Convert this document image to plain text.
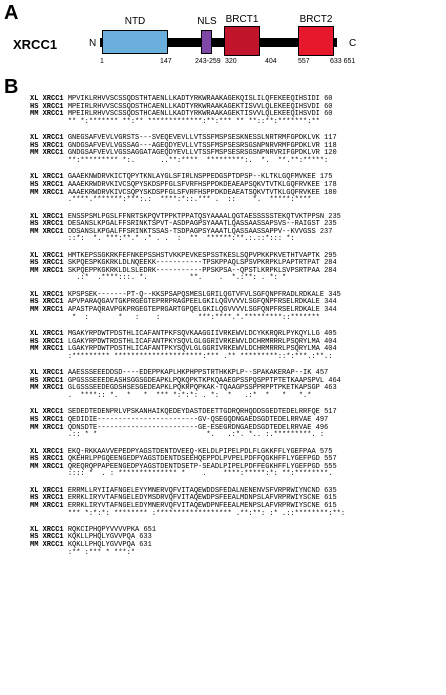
A
XRCC1	N
NTD	NLS BRCT1	BRCT2
C
1	147	243-259 320	404	557	633 651
B
XL XRCC1 MPVIKLRHVVSCSSQDSTHTAENLLKADTYRKWRAAKAGEKQISLILQFEKEEQIHSIDI 60
HS XRCC1 MPEIRLRHVVSCSSQDSTHCAENLLKADTYRKWRAAKAGEKTISVVLQLEKEEQIHSVDI 60
MM XRCC1 MPEIRLRHVVSCSSQDSTHCAENLLKADTYRKWRAAKAGEKTISVVLQLEKEEQIHSVDI 60
** *:******* **:** *************:**:*** ** **::**:*******:**
XL XRCC1 GNEGSAFVEVLVGRSTS---SVEQEVEVLLVTSSFMSPSESKNESSLNRTRMFGPDKLVK 117
HS XRCC1 GNDGSAFVEVLVGSSAG---AGEQDYEVLLVTSSFMSPSESRSGSNPNRVRMFGPDKLVR 118
MM XRCC1 GNDGSAFVEVLVGSSAGGATAGEQDYEVLLVTSSFMSPSESRSGSNPNRVRIFGPDKLVR 120
**:********* *:.      ..**:****  *********:.  *.  **.**:*****:
XL XRCC1 GAAEKNWDRVKICTQPYTKNLAYGLSFIRLNSPPEDGSPTDPSP--KLTKLGQFMVKEE 175
HS XRCC1 AAAEKRWDRVKIVCSQPYSKDSPFGLSFVRFHSPPDKDEAEAPSQKVTVTKLGQFRVKEE 178
MM XRCC1 AAAEKRWDRVKIVCSQPYSKDSPFGLSFVRFHSPPDKDEAEATSQKVTVTKLGQFRVKEE 180
.****.*******:***:.:  ****:*::.*** .  ::    *.  *****:****
XL XRCC1 ENSSPSMLPGSLFFNRTSKPQVTPPKTPPATQSYAAAALQGTAESSSSSTEKQTVKTPPSN 235
HS XRCC1 DESANSLKPGALFFSRINKTSPVT-ASDPAGPSYAAATLQASSAASSAPSVS--RAIGST 235
MM XRCC1 DDSANSLKPGALFFSRINKTSSAS-TSDPAGPSYAAATLQASSAASSAPPV--KVVGSS 237
::*:  *. ***:**.* .* . .  :  **  ******:**.:.::*::: *:
XL XRCC1 HMTKEPSSGKRKFEFNKEPSSHSTVKKPEVKESPSSTKESLSQPVPKKPKVETHTVAPTK 295
HS XRCC1 SKPQESPKGKRKLDLNQEEKK-----------TPSKPPAQLSPSVPKRPKLPAPTRTPAT 284
MM XRCC1 SKPQEPPKGKRKLDLSLEDRK-----------PPSKPSA--QPSTLKRPKLSVPSRTPAA 284
.:*  .****:::. *.          **.    .  *.:**: . *: *
XL XRCC1 KPSPSEK-------PT-Q--KKSPSAPQSMESLGRILQGTVFVLSGFQNPFRADLRDKALE 345
HS XRCC1 APVPARAQGAVTGKPRGEGTEPRRPRAGPEELGKILQGVVVVLSGFQNPFRSELRDKALE 344
MM XRCC1 APASTPAQRAVPGKPRGEGTEPRGARTGPQELGKILQGVVVVLSGFQNPFRSELRDKALE 344
*  :       *   :    :         ***:****.*.*********::*******
XL XRCC1 MGAKYRPDWTPDSTHLICAFANTPKFSQVKAAGGIIVRKEWVLDCYKKRQRLPYKQYLLG 405
HS XRCC1 LGAKYRPDWTRDSTHLICAFANTPKYSQVLGLGGRIVRKEWVLDCHRMRRRLPSQRYLMA 404
MM XRCC1 LGAKYRPDWTPDSTHLICAFANTPKYSQVLGLGGRIVRKEWVLDCHRMRRRLPSQRYLMA 404
:********* *********************:*** .** *********::*:***.:**.:
XL XRCC1 AAESSSEEEDDSD----EDEPPKAPLHKPHPPSTRTHKKPLP--SPAKAKERAP--IK 457
HS XRCC1 GPGSSSEEEDEASHSGGSGDEAPKLPQKQPKTKPKQAAEGPSSPQSPPTPTETKAAPSPVL 464
MM XRCC1 GLGSSSEEDEGDSHSESGEDEAPKLPQKRPQPKAK-TQAAGPSSPPRPPTPKETKAPSGP 463
.  ****:: *.  *   *  *** *:*:*: . *:  *   .:*  *   *   *.*
XL XRCC1 SEDEDTEDENPRLVPSKANHAIKQEDEYDASTDEETTGDRQRHQDDSGEDTEDELRRFQE 517
HS XRCC1 QEDIDIE------------------------GV-QSEGQDNGAEDSGDTEDELRRVAE 497
MM XRCC1 QDNSDTE------------------------GE-ESEGRDNGAEDSGDTEDELRRVAE 496
.:: * *                          *.   .:*. *.. :.*********. :
XL XRCC1 EKQ-RKKAAVVEPEDPYAGSTDENTDVEEQ-KELDLPIPELPDLFLGKKFFLYGEFPAA 575
HS XRCC1 QKEHRLPPGQEENGEDPYAGSTDENTDSEEHQEPPDLPVPELPDFFQGKHFFLYGEFPGD 557
MM XRCC1 QREQRQPPAPEENGEDPYAGSTDENTDSETP-SEADLPIPELPDFFEGKHFFLYGEFPGD 555
:::: *  . : ************** *    .    ****:*****:*: **:********.
XL XRCC1 ERRMLLRYIIAFNGELEYYMNERVQFVITAQEWDDSFEDALNENENVSFVRPRWIYNCND 635
HS XRCC1 ERRKLIRYVTAFNGELEDYMSDRVQFVITAQEWDPSFEEALMDNPSLAFVRPRWIYSCNE 615
MM XRCC1 ERRKLIRYVTAFNGELEDYMNERVQFVITAQEWDPNFEEALMENPSLAFVRPRWIYSCNE 615
*** *:*:*: ******** :****************** .**:**: :* .::********:**:
XL XRCC1 RQKCIPHQPYVVVVPKA 651
HS XRCC1 KQKLLPHQLYGVVPQA 633
MM XRCC1 KQKLLPHQLYGVVPQA 631
:** :*** * ***:*
